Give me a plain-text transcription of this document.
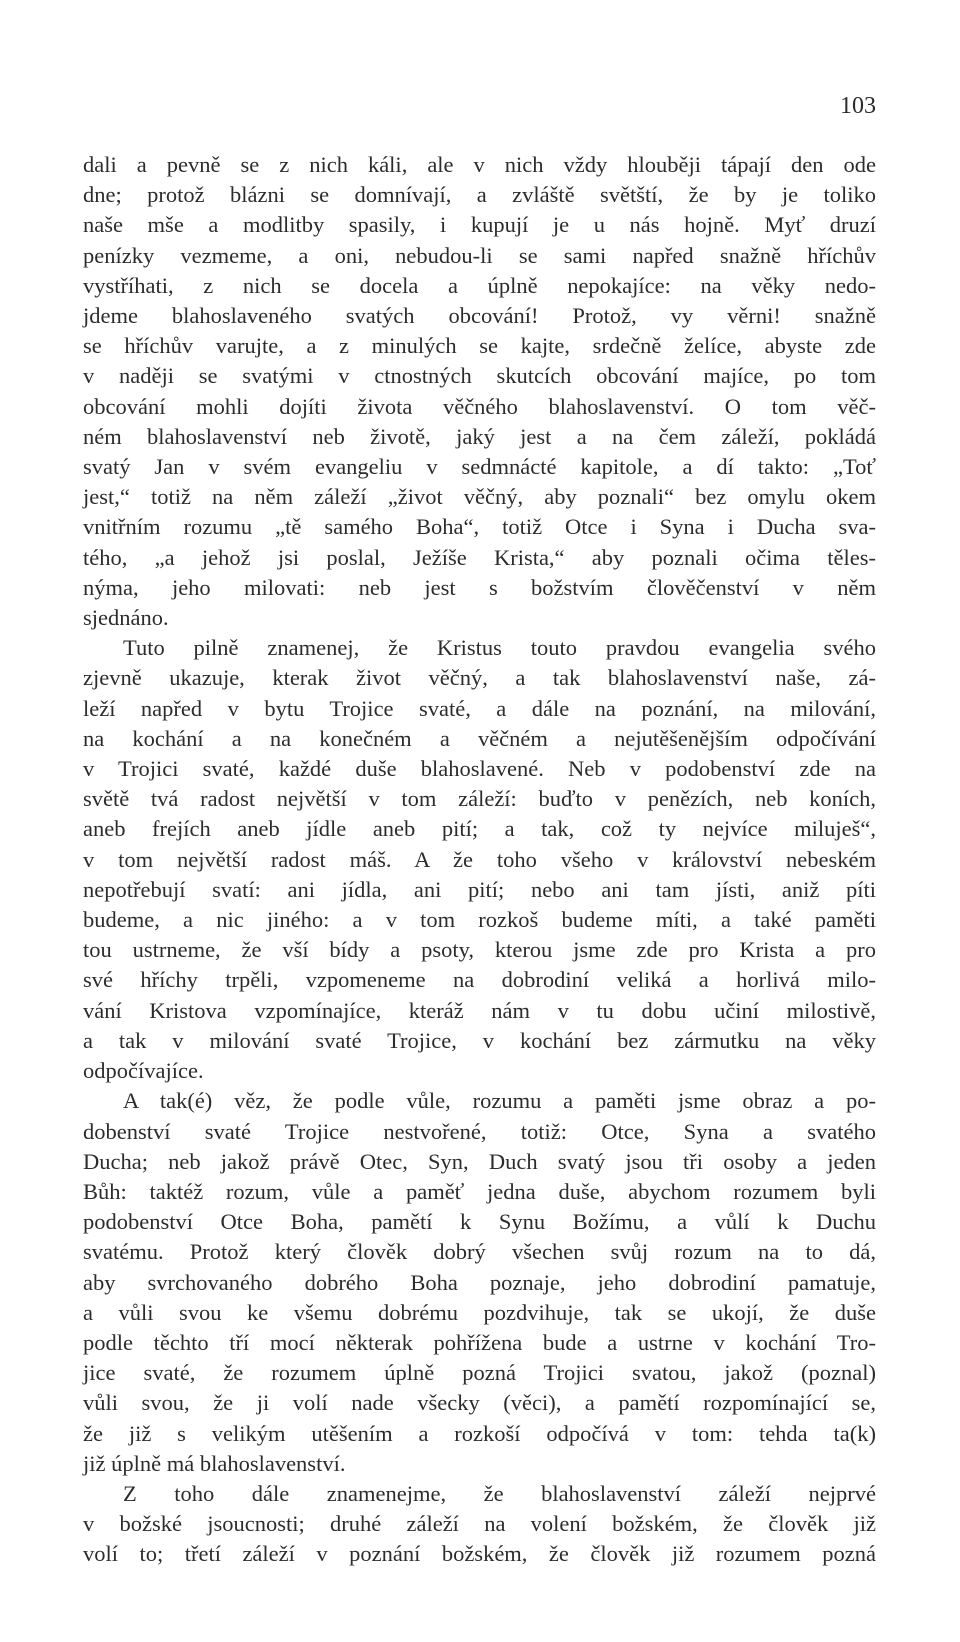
103
dali a pevně se z nich káli, ale v nich vždy hlouběji tápají den ode
dne; protož blázni se domnívají, a zvláště světští, že by je toliko
naše mše a modlitby spasily, i kupují je u nás hojně. Myť druzí
penízky vezmeme, a oni, nebudou-li se sami napřed snažně hříchův
vystříhati, z nich se docela a úplně nepokajíce: na věky nedo-
jdeme blahoslaveného svatých obcování! Protož, vy věrni! snažně
se hříchův varujte, a z minulých se kajte, srdečně želíce, abyste zde
v naději se svatými v ctnostných skutcích obcování majíce, po tom
obcování mohli dojíti života věčného blahoslavenství. O tom věč-
ném blahoslavenství neb životě, jaký jest a na čem záleží, pokládá
svatý Jan v svém evangeliu v sedmnácté kapitole, a dí takto: „Toť
jest,“ totiž na něm záleží „život věčný, aby poznali“ bez omylu okem
vnitřním rozumu „tě samého Boha“, totiž Otce i Syna i Ducha sva-
tého, „a jehož jsi poslal, Ježíše Krista,“ aby poznali očima těles-
nýma, jeho milovati: neb jest s božstvím člověčenství v něm
sjednáno.
Tuto pilně znamenej, že Kristus touto pravdou evangelia svého
zjevně ukazuje, kterak život věčný, a tak blahoslavenství naše, zá-
leží napřed v bytu Trojice svaté, a dále na poznání, na milování,
na kochání a na konečném a věčném a nejutěšenějším odpočívání
v Trojici svaté, každé duše blahoslavené. Neb v podobenství zde na
světě tvá radost největší v tom záleží: buďto v penězích, neb koních,
aneb frejích aneb jídle aneb pití; a tak, což ty nejvíce miluješ“,
v tom největší radost máš. A že toho všeho v království nebeském
nepotřebují svatí: ani jídla, ani pití; nebo ani tam jísti, aniž píti
budeme, a nic jiného: a v tom rozkoš budeme míti, a také paměti
tou ustrneme, že vší bídy a psoty, kterou jsme zde pro Krista a pro
své hříchy trpěli, vzpomeneme na dobrodiní veliká a horlivá milo-
vání Kristova vzpomínajíce, kteráž nám v tu dobu učiní milostivě,
a tak v milování svaté Trojice, v kochání bez zármutku na věky
odpočívajíce.
A tak(é) věz, že podle vůle, rozumu a paměti jsme obraz a po-
dobenství svaté Trojice nestvořené, totiž: Otce, Syna a svatého
Ducha; neb jakož právě Otec, Syn, Duch svatý jsou tři osoby a jeden
Bůh: taktéž rozum, vůle a paměť jedna duše, abychom rozumem byli
podobenství Otce Boha, pamětí k Synu Božímu, a vůlí k Duchu
svatému. Protož který člověk dobrý všechen svůj rozum na to dá,
aby svrchovaného dobrého Boha poznaje, jeho dobrodiní pamatuje,
a vůli svou ke všemu dobrému pozdvihuje, tak se ukojí, že duše
podle těchto tří mocí některak pohřížena bude a ustrne v kochání Tro-
jice svaté, že rozumem úplně pozná Trojici svatou, jakož (poznal)
vůli svou, že ji volí nade všecky (věci), a pamětí rozpomínající se,
že již s velikým utěšením a rozkoší odpočívá v tom: tehda ta(k)
již úplně má blahoslavenství.
Z toho dále znamenejme, že blahoslavenství záleží nejprvé
v božské jsoucnosti; druhé záleží na volení božském, že člověk již
volí to; třetí záleží v poznání božském, že člověk již rozumem pozná
